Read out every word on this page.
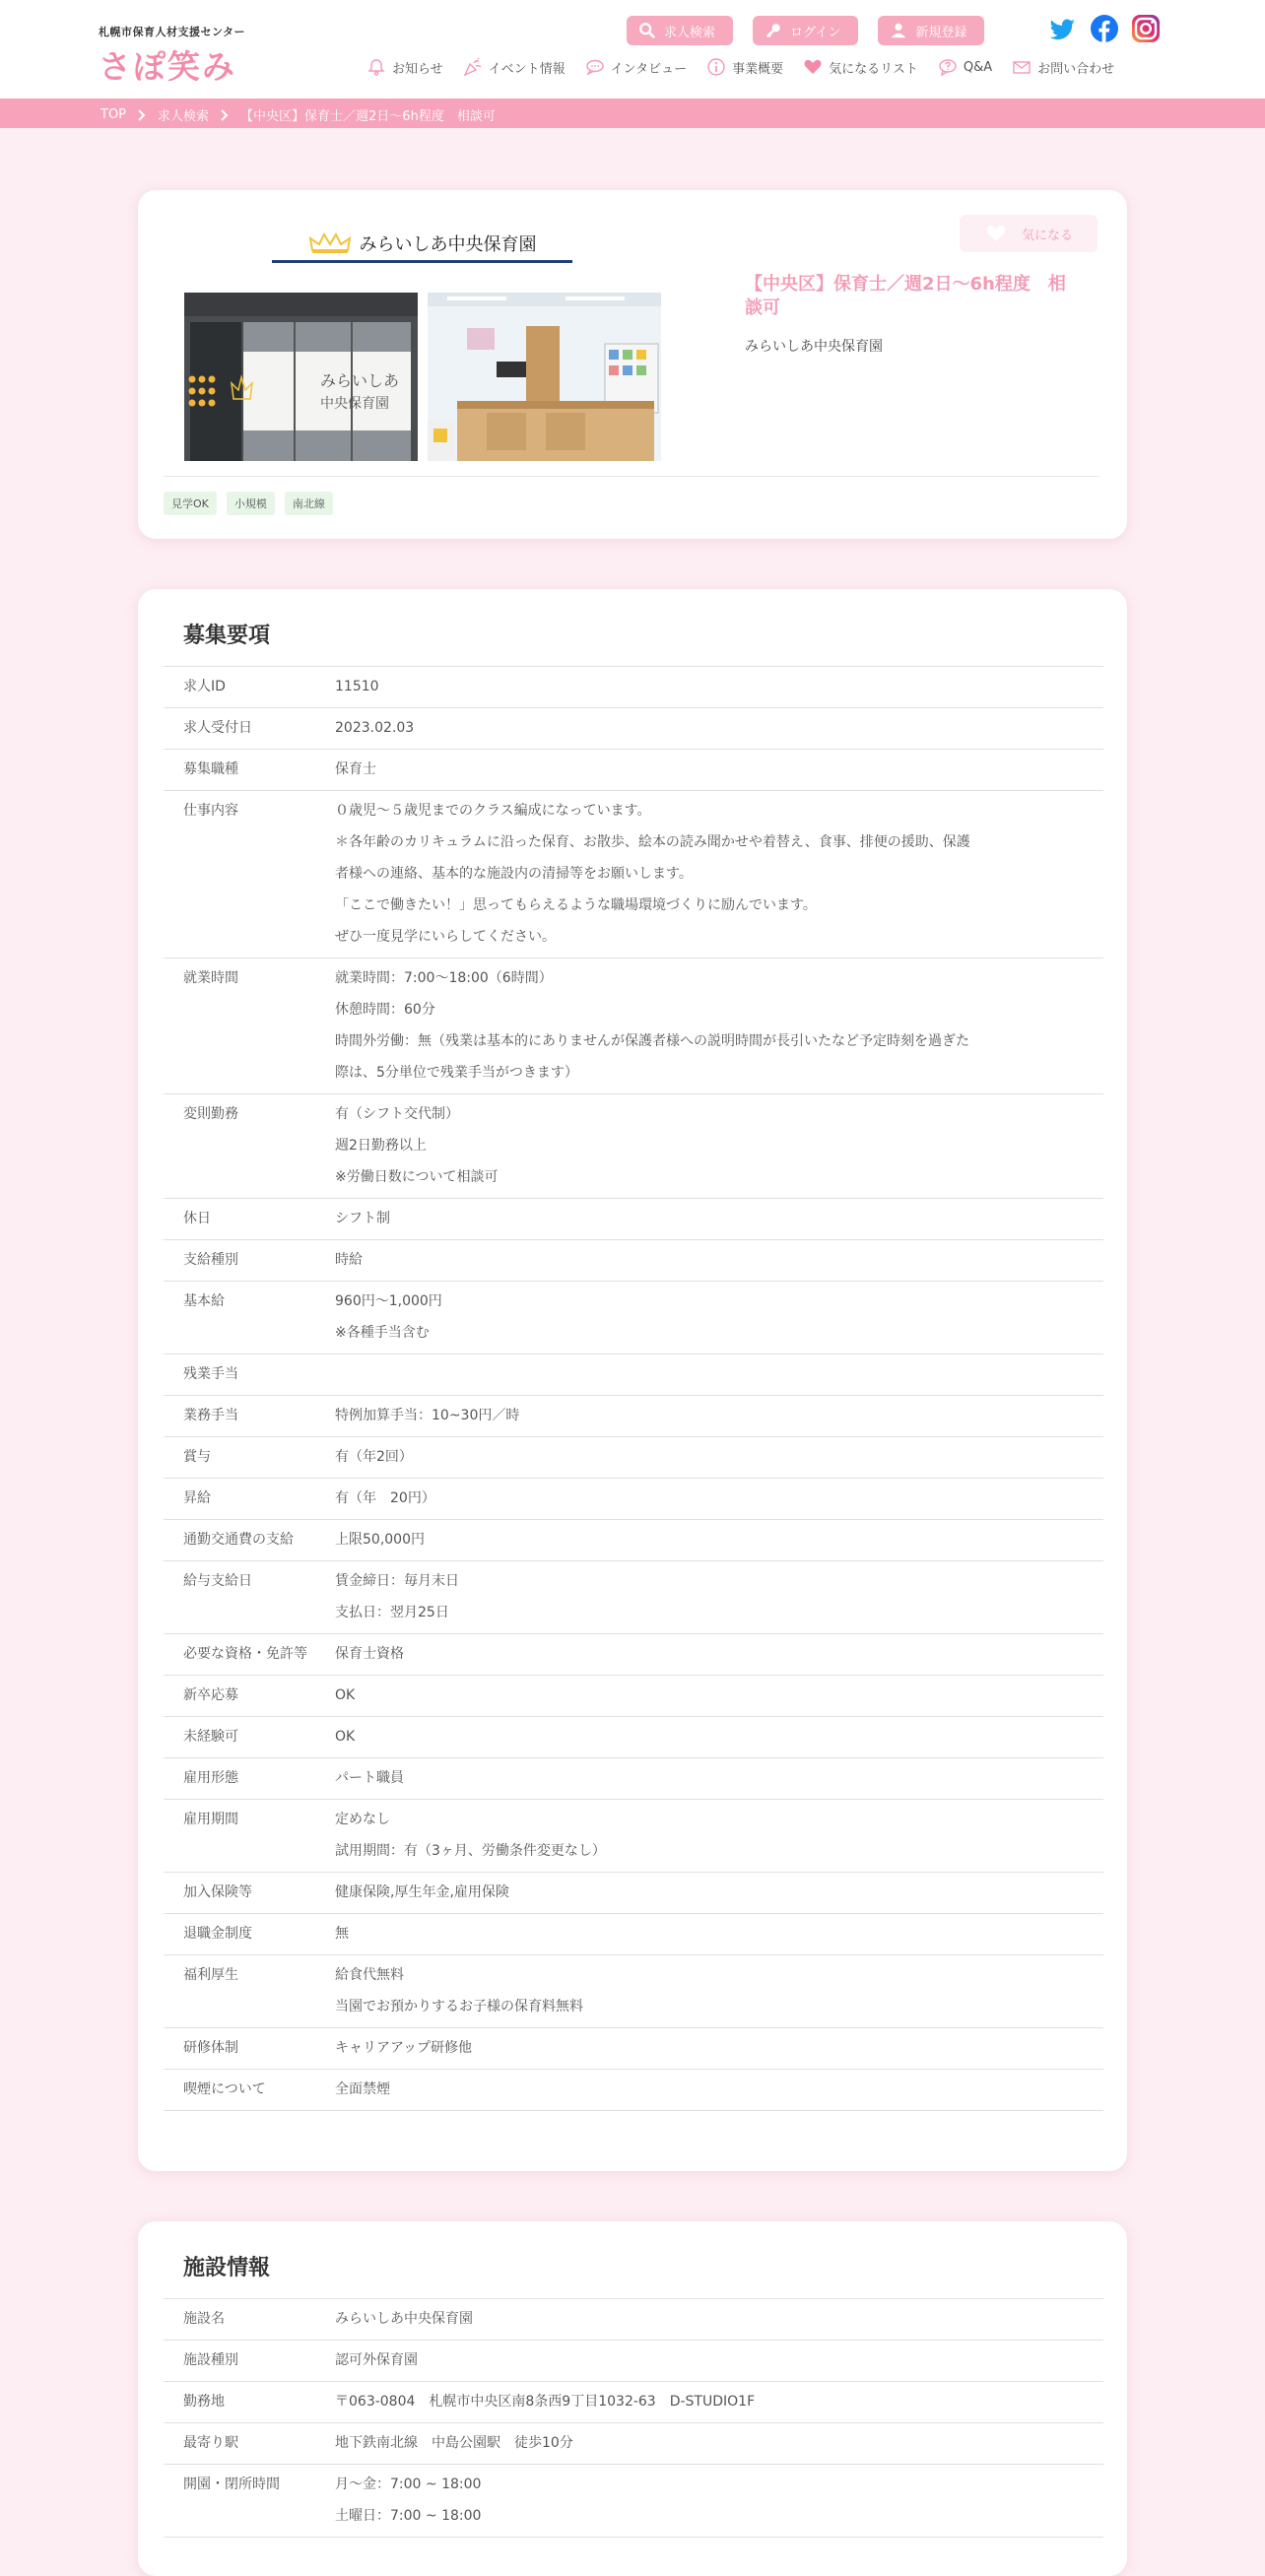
札幌市保育人材支援センター
さぽ笑み
求人検索	ログイン	新規登録
お知らせ	イベント情報	インタビュー	事業概要	気になるリスト	Q&A	お問い合わせ
TOP 求人検索 【中央区】保育士／週2日～6h程度　相談可
みらいしあ中央保育園
みらいしあ
中央保育園
気になる
【中央区】保育士／週2日～6h程度　相談可
みらいしあ中央保育園
見学OK	小規模	南北線
募集要項
求人ID	11510
求人受付日	2023.02.03
募集職種	保育士
仕事内容	０歳児～５歳児までのクラス編成になっています。
＊各年齢のカリキュラムに沿った保育、お散歩、絵本の読み聞かせや着替え、食事、排便の援助、保護
者様への連絡、基本的な施設内の清掃等をお願いします。
「ここで働きたい！」思ってもらえるような職場環境づくりに励んでいます。
ぜひ一度見学にいらしてください。
就業時間	就業時間：7:00～18:00（6時間）
休憩時間：60分
時間外労働：無（残業は基本的にありませんが保護者様への説明時間が長引いたなど予定時刻を過ぎた
際は、5分単位で残業手当がつきます）
変則勤務	有（シフト交代制）
週2日勤務以上
※労働日数について相談可
休日	シフト制
支給種別	時給
基本給	960円～1,000円
※各種手当含む
残業手当
業務手当	特例加算手当：10~30円／時
賞与	有（年2回）
昇給	有（年　20円）
通勤交通費の支給	上限50,000円
給与支給日	賃金締日：毎月末日
支払日：翌月25日
必要な資格・免許等	保育士資格
新卒応募	OK
未経験可	OK
雇用形態	パート職員
雇用期間	定めなし
試用期間：有（3ヶ月、労働条件変更なし）
加入保険等	健康保険,厚生年金,雇用保険
退職金制度	無
福利厚生	給食代無料
当園でお預かりするお子様の保育料無料
研修体制	キャリアアップ研修他
喫煙について	全面禁煙
施設情報
施設名	みらいしあ中央保育園
施設種別	認可外保育園
勤務地	〒063-0804　札幌市中央区南8条西9丁目1032-63　D-STUDIO1F
最寄り駅	地下鉄南北線　中島公園駅　徒歩10分
開園・閉所時間	月～金：7:00 ~ 18:00
土曜日：7:00 ~ 18:00
